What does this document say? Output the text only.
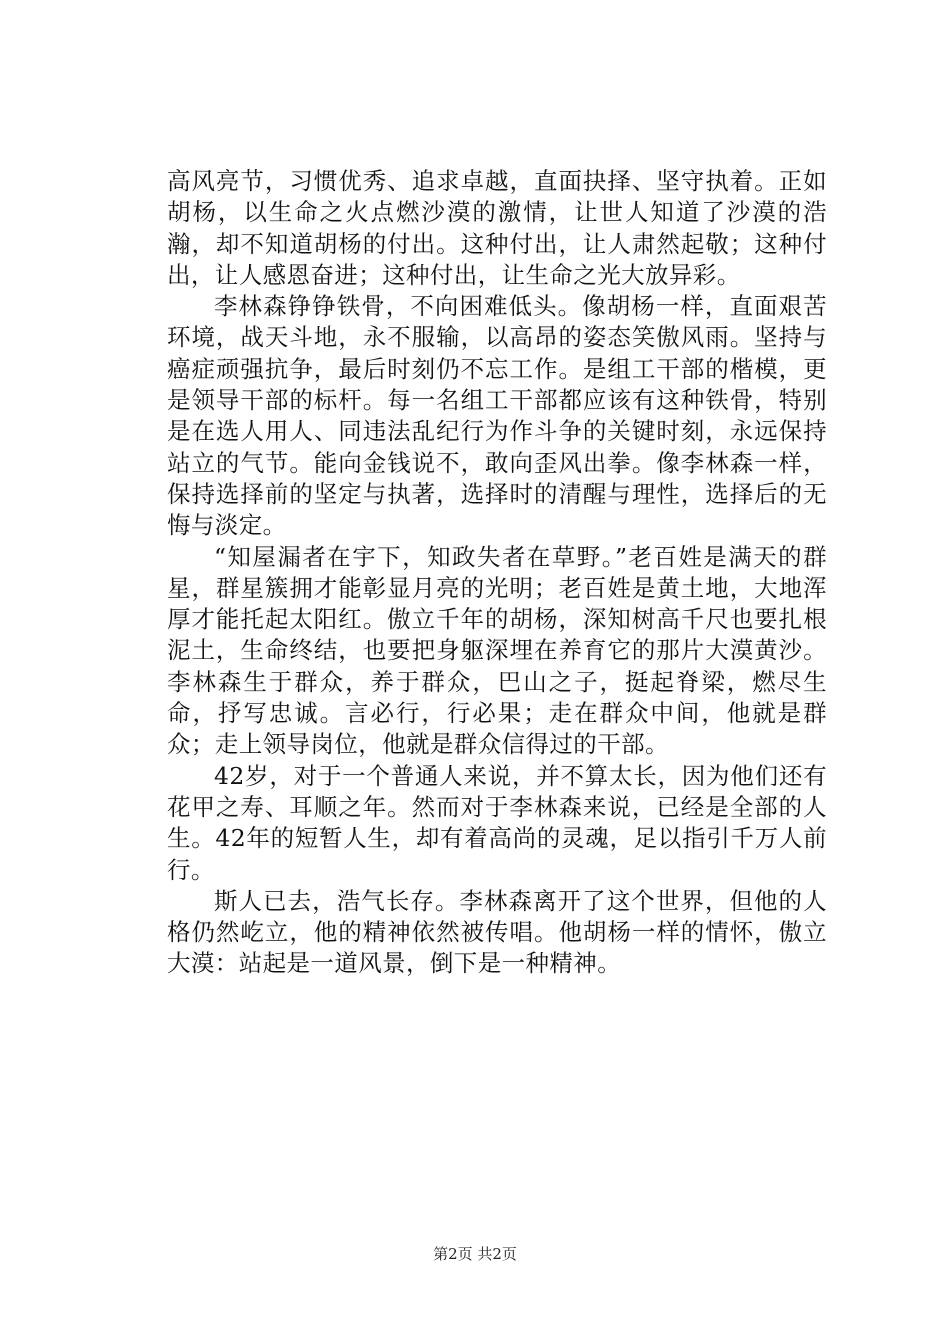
高风亮节，习惯优秀、追求卓越，直面抉择、坚守执着。正如胡杨，以生命之火点燃沙漠的激情，让世人知道了沙漠的浩瀚，却不知道胡杨的付出。这种付出，让人肃然起敬；这种付出，让人感恩奋进；这种付出，让生命之光大放异彩。

李林森铮铮铁骨，不向困难低头。像胡杨一样，直面艰苦环境，战天斗地，永不服输，以高昂的姿态笑傲风雨。坚持与癌症顽强抗争，最后时刻仍不忘工作。是组工干部的楷模，更是领导干部的标杆。每一名组工干部都应该有这种铁骨，特别是在选人用人、同违法乱纪行为作斗争的关键时刻，永远保持站立的气节。能向金钱说不，敢向歪风出拳。像李林森一样，保持选择前的坚定与执著，选择时的清醒与理性，选择后的无悔与淡定。

“知屋漏者在宇下，知政失者在草野。”老百姓是满天的群星，群星簇拥才能彰显月亮的光明；老百姓是黄土地，大地浑厚才能托起太阳红。傲立千年的胡杨，深知树高千尺也要扎根泥土，生命终结，也要把身躯深埋在养育它的那片大漠黄沙。李林森生于群众，养于群众，巴山之子，挺起脊梁，燃尽生命，抒写忠诚。言必行，行必果；走在群众中间，他就是群众；走上领导岗位，他就是群众信得过的干部。

42岁，对于一个普通人来说，并不算太长，因为他们还有花甲之寿、耳顺之年。然而对于李林森来说，已经是全部的人生。42年的短暂人生，却有着高尚的灵魂，足以指引千万人前行。

斯人已去，浩气长存。李林森离开了这个世界，但他的人格仍然屹立，他的精神依然被传唱。他胡杨一样的情怀，傲立大漠：站起是一道风景，倒下是一种精神。

第2页 共2页
